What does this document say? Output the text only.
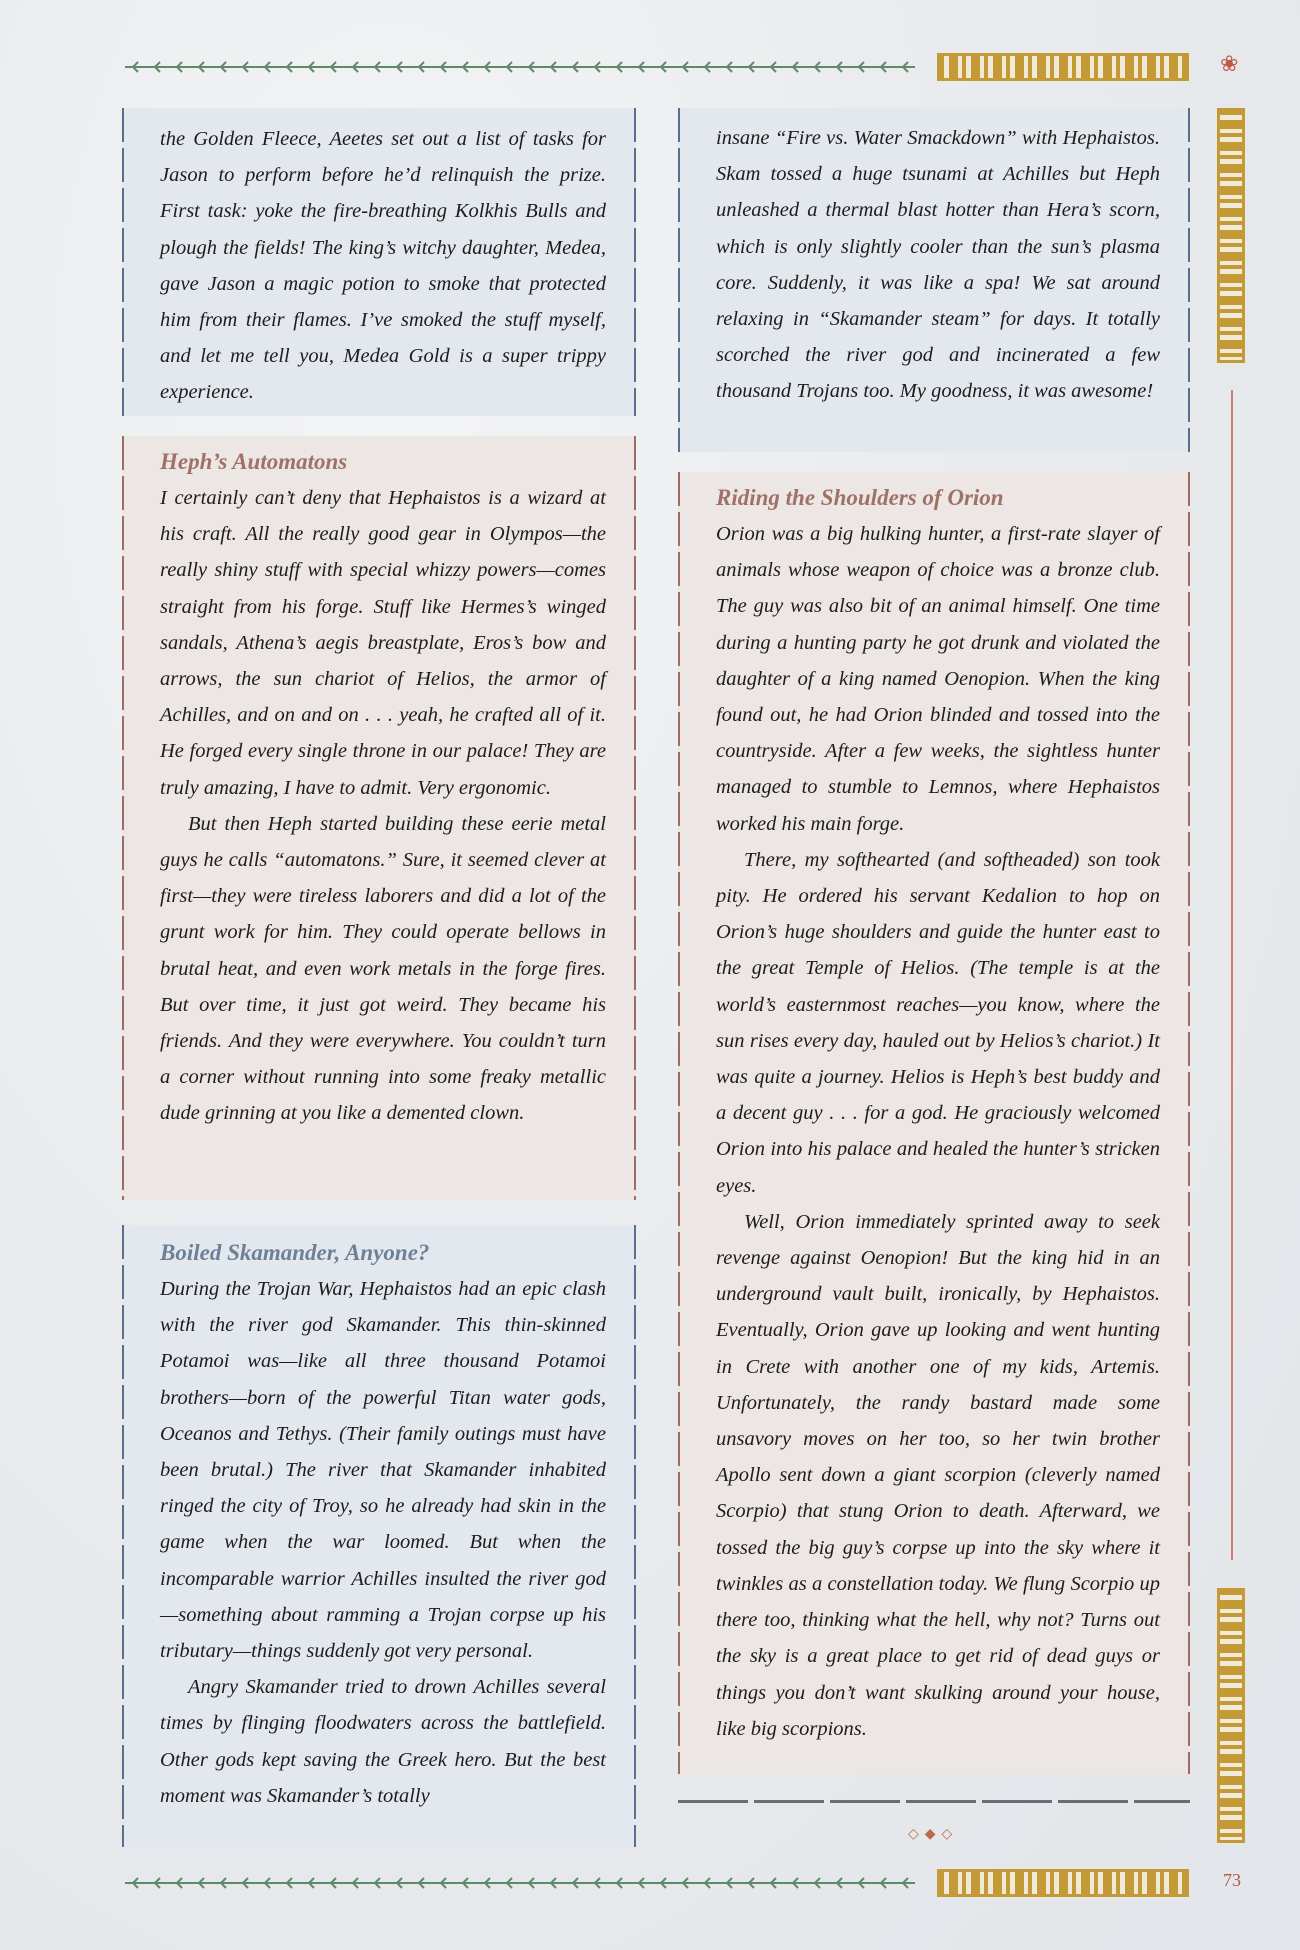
❀

the Golden Fleece, Aeetes set out a list of tasks for Jason to perform before he’d relinquish the prize. First task: yoke the fire-breathing Kolkhis Bulls and plough the fields! The king’s witchy daughter, Medea, gave Jason a magic potion to smoke that protected him from their flames. I’ve smoked the stuff myself, and let me tell you, Medea Gold is a super trippy experience.

Heph’s Automatons

I certainly can’t deny that Hephaistos is a wizard at his craft. All the really good gear in Olympos—the really shiny stuff with special whizzy powers—comes straight from his forge. Stuff like Hermes’s winged sandals, Athena’s aegis breastplate, Eros’s bow and arrows, the sun chariot of Helios, the armor of Achilles, and on and on . . . yeah, he crafted all of it. He forged every single throne in our palace! They are truly amazing, I have to admit. Very ergonomic.

But then Heph started building these eerie metal guys he calls “automatons.” Sure, it seemed clever at first—they were tireless laborers and did a lot of the grunt work for him. They could operate bellows in brutal heat, and even work metals in the forge fires. But over time, it just got weird. They became his friends. And they were everywhere. You couldn’t turn a corner without running into some freaky metallic dude grinning at you like a demented clown.

Boiled Skamander, Anyone?

During the Trojan War, Hephaistos had an epic clash with the river god Skamander. This thin-skinned Potamoi was—like all three thousand Potamoi brothers—born of the powerful Titan water gods, Oceanos and Tethys. (Their family outings must have been brutal.) The river that Skamander inhabited ringed the city of Troy, so he already had skin in the game when the war loomed. But when the incomparable warrior Achilles insulted the river god—something about ramming a Trojan corpse up his tributary—things suddenly got very personal.

Angry Skamander tried to drown Achilles several times by flinging floodwaters across the battlefield. Other gods kept saving the Greek hero. But the best moment was Skamander’s totally

insane “Fire vs. Water Smackdown” with Hephaistos. Skam tossed a huge tsunami at Achilles but Heph unleashed a thermal blast hotter than Hera’s scorn, which is only slightly cooler than the sun’s plasma core. Suddenly, it was like a spa! We sat around relaxing in “Skamander steam” for days. It totally scorched the river god and incinerated a few thousand Trojans too. My goodness, it was awesome!

Riding the Shoulders of Orion

Orion was a big hulking hunter, a first-rate slayer of animals whose weapon of choice was a bronze club. The guy was also bit of an animal himself. One time during a hunting party he got drunk and violated the daughter of a king named Oenopion. When the king found out, he had Orion blinded and tossed into the countryside. After a few weeks, the sightless hunter managed to stumble to Lemnos, where Hephaistos worked his main forge.

There, my softhearted (and softheaded) son took pity. He ordered his servant Kedalion to hop on Orion’s huge shoulders and guide the hunter east to the great Temple of Helios. (The temple is at the world’s easternmost reaches—you know, where the sun rises every day, hauled out by Helios’s chariot.) It was quite a journey. Helios is Heph’s best buddy and a decent guy . . . for a god. He graciously welcomed Orion into his palace and healed the hunter’s stricken eyes.

Well, Orion immediately sprinted away to seek revenge against Oenopion! But the king hid in an underground vault built, ironically, by Hephaistos. Eventually, Orion gave up looking and went hunting in Crete with another one of my kids, Artemis. Unfortunately, the randy bastard made some unsavory moves on her too, so her twin brother Apollo sent down a giant scorpion (cleverly named Scorpio) that stung Orion to death. Afterward, we tossed the big guy’s corpse up into the sky where it twinkles as a constellation today. We flung Scorpio up there too, thinking what the hell, why not? Turns out the sky is a great place to get rid of dead guys or things you don’t want skulking around your house, like big scorpions.

◇◆◇
73
